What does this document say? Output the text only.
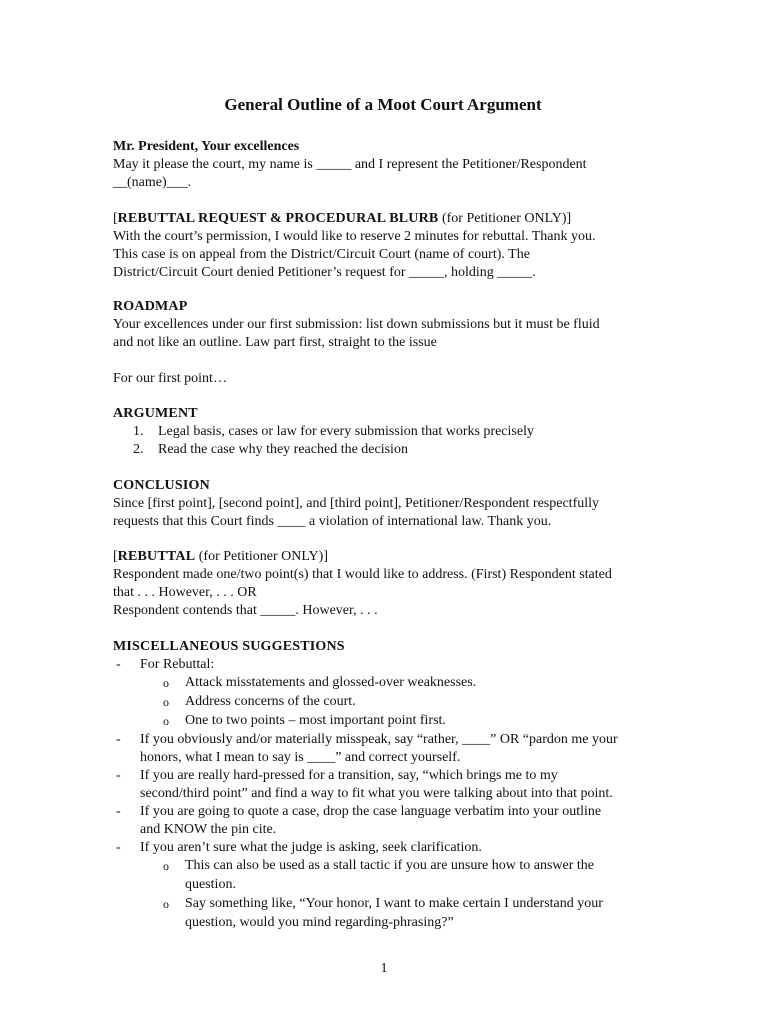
General Outline of a Moot Court Argument
Mr. President, Your excellences
May it please the court, my name is _____ and I represent the Petitioner/Respondent
__(name)___.
[REBUTTAL REQUEST & PROCEDURAL BLURB (for Petitioner ONLY)]
With the court’s permission, I would like to reserve 2 minutes for rebuttal. Thank you.
This case is on appeal from the District/Circuit Court (name of court). The
District/Circuit Court denied Petitioner’s request for _____, holding _____.
ROADMAP
Your excellences under our first submission: list down submissions but it must be fluid
and not like an outline. Law part first, straight to the issue
For our first point…
ARGUMENT
1. Legal basis, cases or law for every submission that works precisely
2. Read the case why they reached the decision
CONCLUSION
Since [first point], [second point], and [third point], Petitioner/Respondent respectfully
requests that this Court finds ____ a violation of international law. Thank you.
[REBUTTAL (for Petitioner ONLY)]
Respondent made one/two point(s) that I would like to address. (First) Respondent stated
that . . . However, . . . OR
Respondent contends that _____. However, . . .
MISCELLANEOUS SUGGESTIONS
- For Rebuttal:
o Attack misstatements and glossed-over weaknesses.
o Address concerns of the court.
o One to two points – most important point first.
- If you obviously and/or materially misspeak, say “rather, ____” OR “pardon me your
honors, what I mean to say is ____” and correct yourself.
- If you are really hard-pressed for a transition, say, “which brings me to my
second/third point” and find a way to fit what you were talking about into that point.
- If you are going to quote a case, drop the case language verbatim into your outline
and KNOW the pin cite.
- If you aren’t sure what the judge is asking, seek clarification.
o This can also be used as a stall tactic if you are unsure how to answer the
question.
o Say something like, “Your honor, I want to make certain I understand your
question, would you mind regarding-phrasing?”
1
